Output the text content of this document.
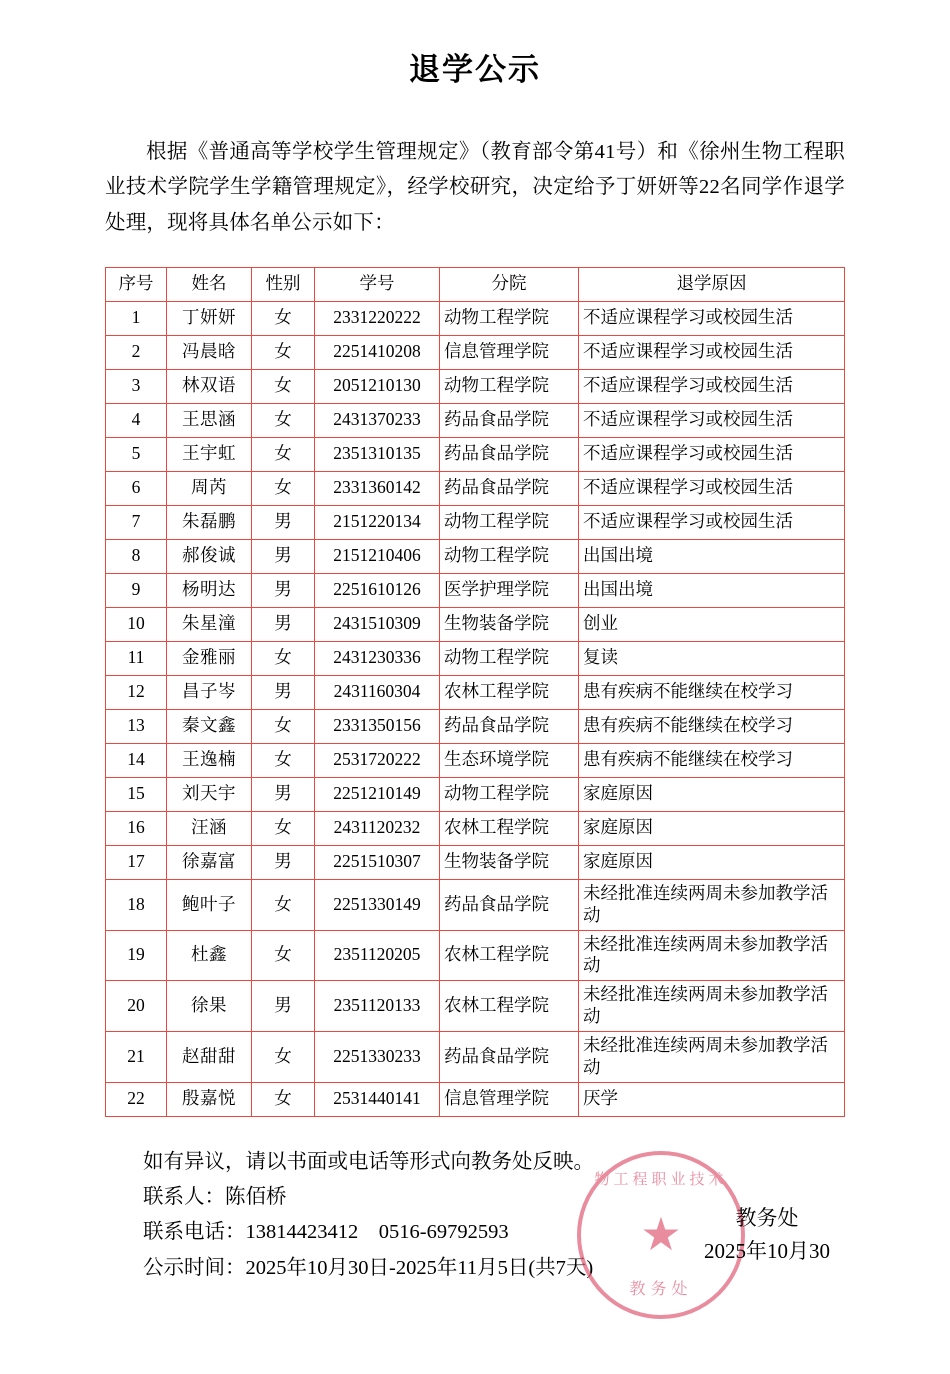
退学公示

根据《普通高等学校学生管理规定》（教育部令第41号）和《徐州生物工程职业技术学院学生学籍管理规定》，经学校研究，决定给予丁妍妍等22名同学作退学处理，现将具体名单公示如下：

序号	姓名	性别	学号	分院	退学原因
1	丁妍妍	女	2331220222	动物工程学院	不适应课程学习或校园生活
2	冯晨晗	女	2251410208	信息管理学院	不适应课程学习或校园生活
3	林双语	女	2051210130	动物工程学院	不适应课程学习或校园生活
4	王思涵	女	2431370233	药品食品学院	不适应课程学习或校园生活
5	王宇虹	女	2351310135	药品食品学院	不适应课程学习或校园生活
6	周芮	女	2331360142	药品食品学院	不适应课程学习或校园生活
7	朱磊鹏	男	2151220134	动物工程学院	不适应课程学习或校园生活
8	郝俊诚	男	2151210406	动物工程学院	出国出境
9	杨明达	男	2251610126	医学护理学院	出国出境
10	朱星潼	男	2431510309	生物装备学院	创业
11	金雅丽	女	2431230336	动物工程学院	复读
12	昌子岑	男	2431160304	农林工程学院	患有疾病不能继续在校学习
13	秦文鑫	女	2331350156	药品食品学院	患有疾病不能继续在校学习
14	王逸楠	女	2531720222	生态环境学院	患有疾病不能继续在校学习
15	刘天宇	男	2251210149	动物工程学院	家庭原因
16	汪涵	女	2431120232	农林工程学院	家庭原因
17	徐嘉富	男	2251510307	生物装备学院	家庭原因
18	鲍叶子	女	2251330149	药品食品学院	未经批准连续两周未参加教学活动
19	杜鑫	女	2351120205	农林工程学院	未经批准连续两周未参加教学活动
20	徐果	男	2351120133	农林工程学院	未经批准连续两周未参加教学活动
21	赵甜甜	女	2251330233	药品食品学院	未经批准连续两周未参加教学活动
22	殷嘉悦	女	2531440141	信息管理学院	厌学
如有异议，请以书面或电话等形式向教务处反映。
联系人：陈佰桥
联系电话：13814423412　0516-69792593
公示时间：2025年10月30日-2025年11月5日(共7天)
物工程职业技术
★
教务处
教务处
2025年10月30
